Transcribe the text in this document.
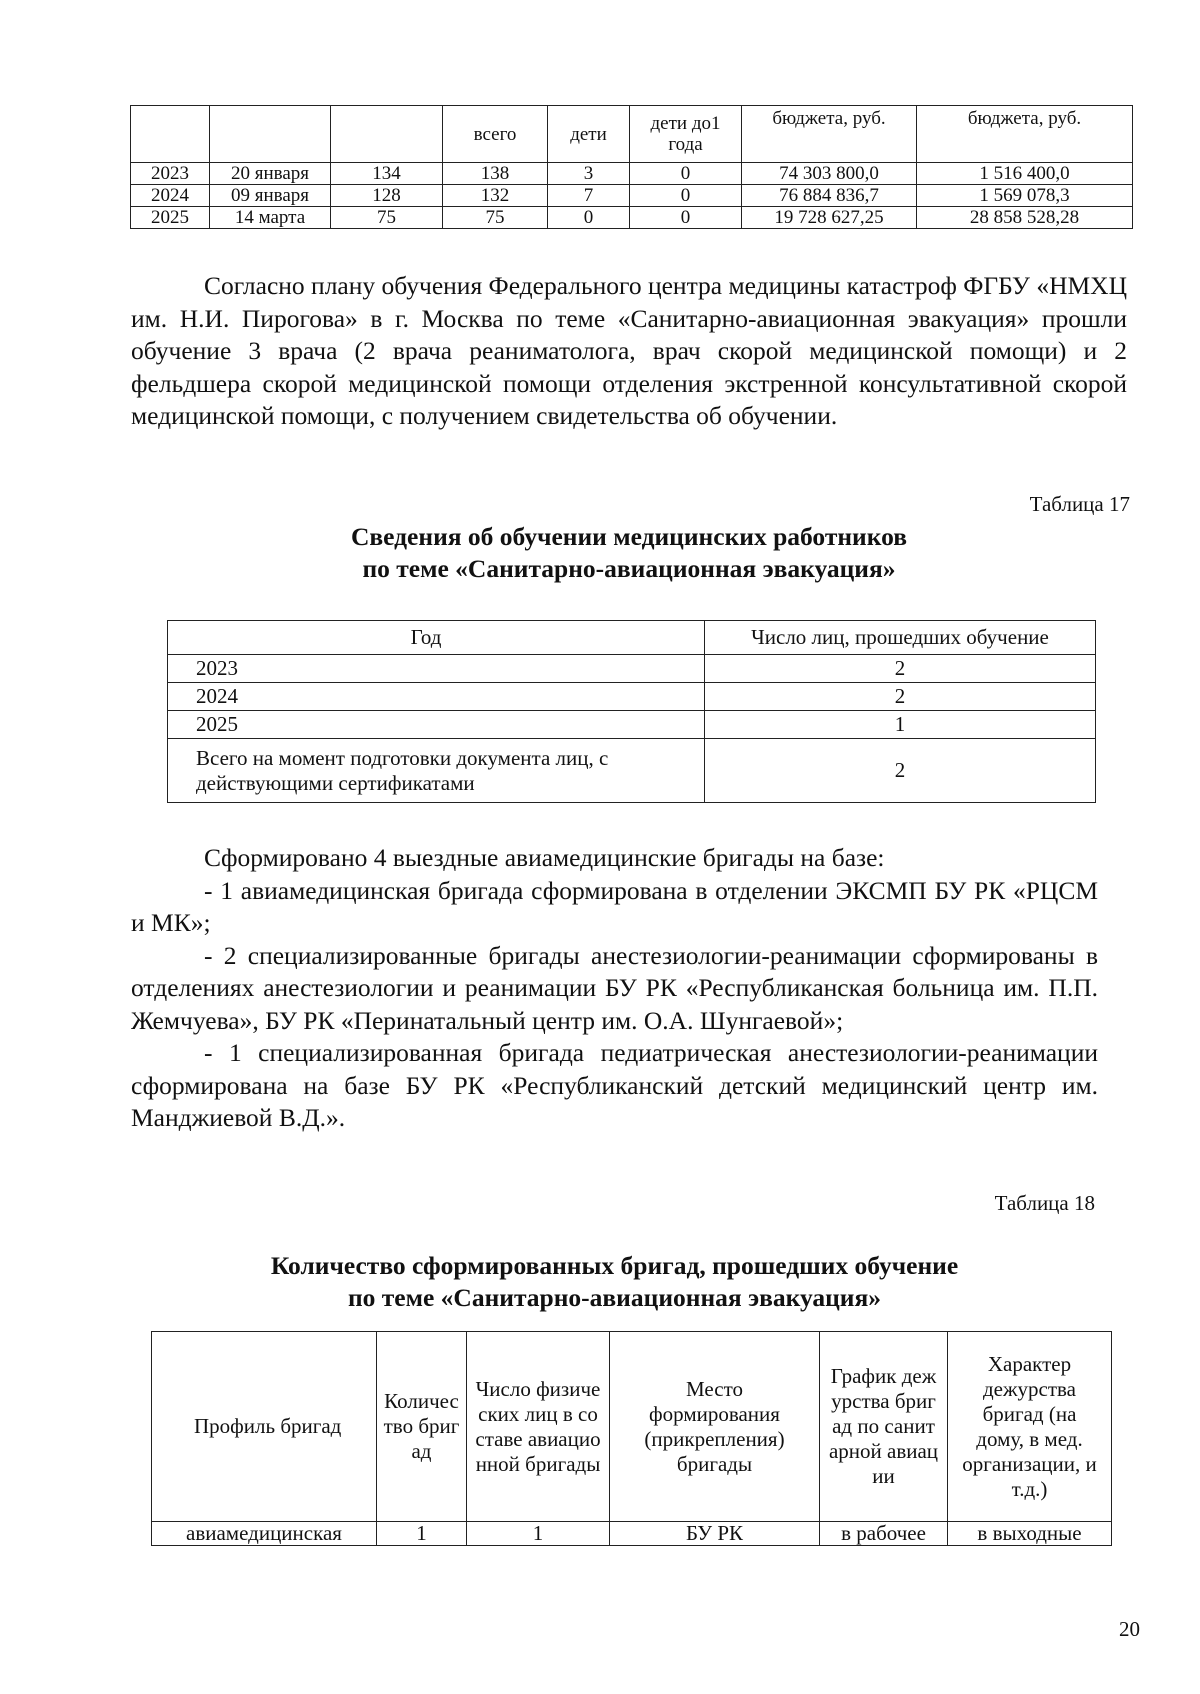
			всего	дети	дети до1 года	бюджета, руб.	бюджета, руб.
2023	20 января	134	138	3	0	74 303 800,0	1 516 400,0
2024	09 января	128	132	7	0	76 884 836,7	1 569 078,3
2025	14 марта	75	75	0	0	19 728 627,25	28 858 528,28

Согласно плану обучения Федерального центра медицины катастроф ФГБУ «НМХЦ им. Н.И. Пирогова» в г. Москва по теме «Санитарно-авиационная эвакуация» прошли обучение 3 врача (2 врача реаниматолога, врач скорой медицинской помощи) и 2 фельдшера скорой медицинской помощи отделения экстренной консультативной скорой медицинской помощи, с получением свидетельства об обучении.

Таблица 17
Сведения об обучении медицинских работников
по теме «Санитарно-авиационная эвакуация»
Год	Число лиц, прошедших обучение
2023	2
2024	2
2025	1
Всего на момент подготовки документа лиц, с действующими сертификатами	2

Сформировано 4 выездные авиамедицинские бригады на базе:

- 1 авиамедицинская бригада сформирована в отделении ЭКСМП БУ РК «РЦСМ и МК»;

- 2 специализированные бригады анестезиологии-реанимации сформированы в отделениях анестезиологии и реанимации БУ РК «Республиканская больница им. П.П. Жемчуева», БУ РК «Перинатальный центр им. О.А. Шунгаевой»;

- 1 специализированная бригада педиатрическая анестезиологии-реанимации сформирована на базе БУ РК «Республиканский детский медицинский центр им. Манджиевой В.Д.».

Таблица 18
Количество сформированных бригад, прошедших обучение
по теме «Санитарно-авиационная эвакуация»
Профиль бригад	Количество бригад	Число физических лиц в составе авиационной бригады	Место формирования (прикрепления) бригады	График дежурства бригад по санитарной авиации	Характер дежурства бригад (на дому, в мед. организации, и т.д.)
авиамедицинская	1	1	БУ РК	в рабочее	в выходные
20
